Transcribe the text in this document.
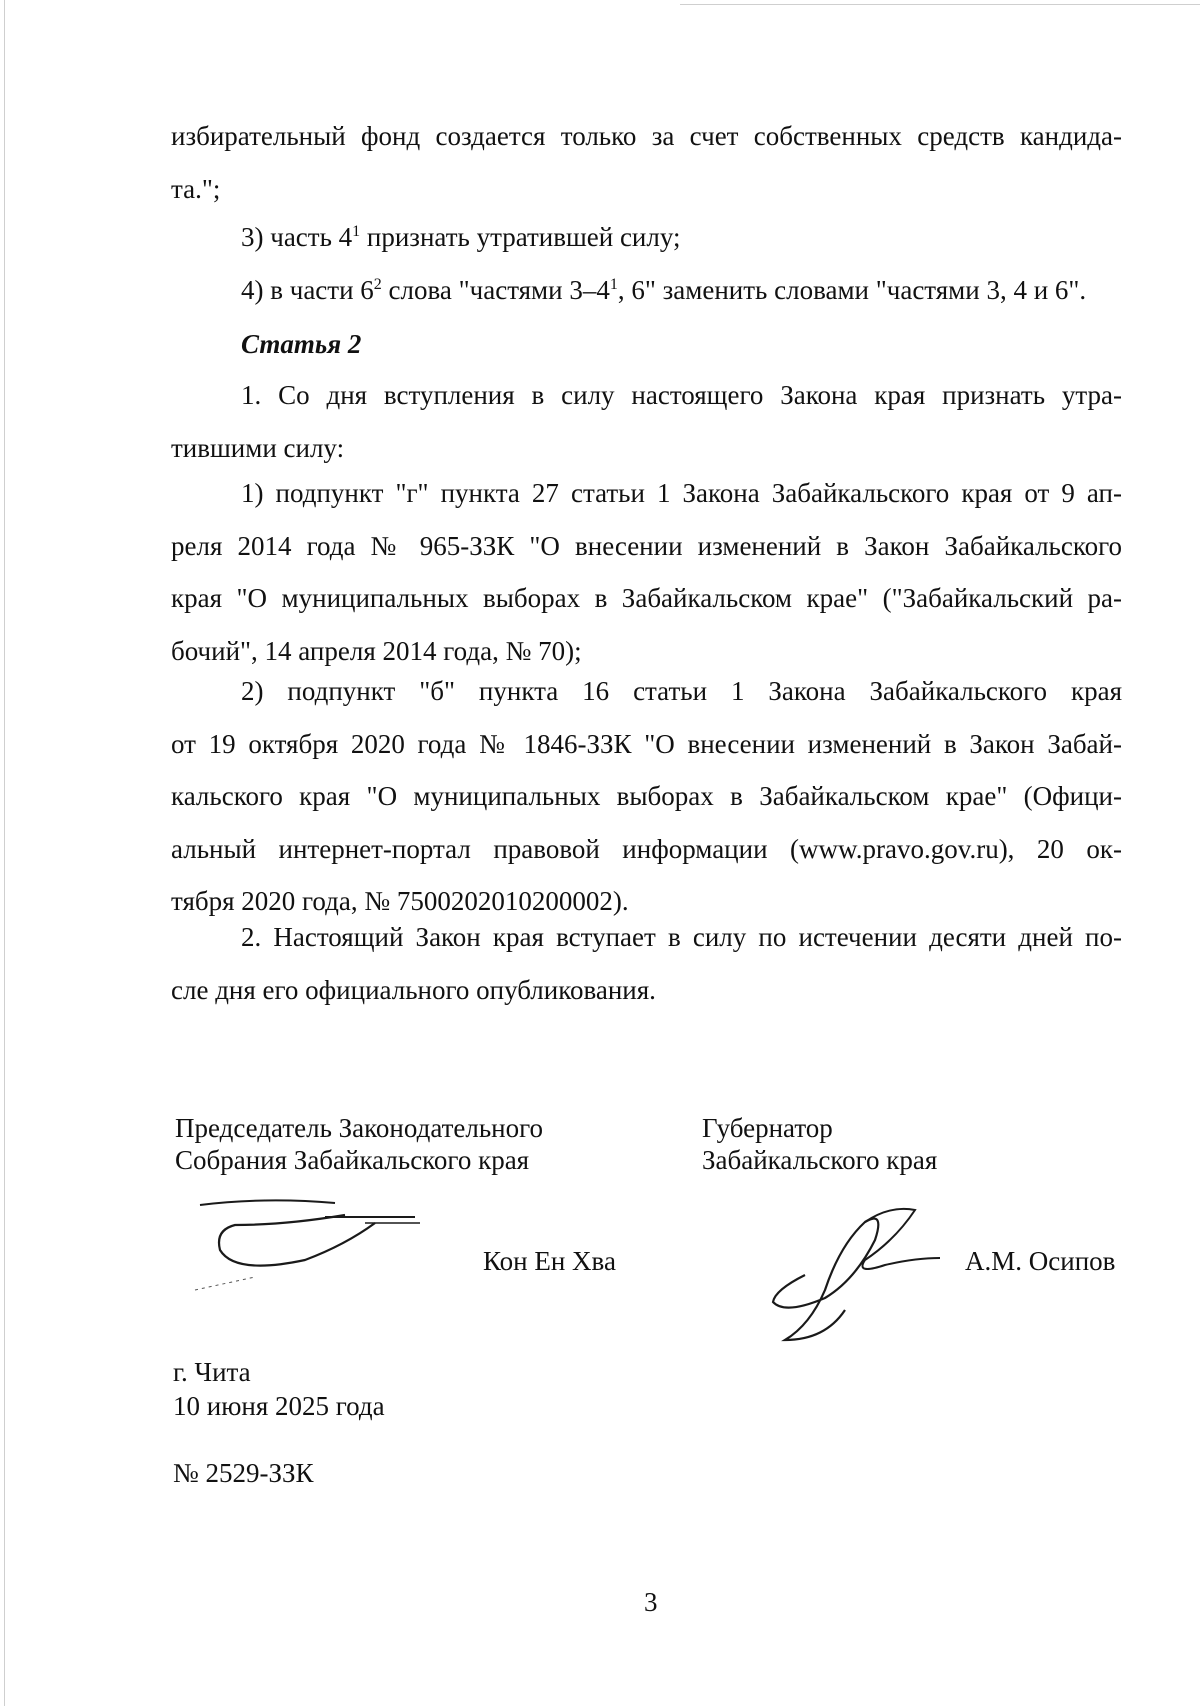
избирательный фонд создается только за счет собственных средств кандида-
та.";
3) часть $4^1$ признать утратившей силу;
4) в части $6^2$ слова "частями $3-4^1$, 6" заменить словами "частями 3, 4 и 6".
Статья 2
1. Со дня вступления в силу настоящего Закона края признать утра-
тившими силу:
1) подпункт "г" пункта 27 статьи 1 Закона Забайкальского края от 9 ап-
реля 2014 года № 965-ЗЗК "О внесении изменений в Закон Забайкальского
края "О муниципальных выборах в Забайкальском крае" ("Забайкальский ра-
бочий", 14 апреля 2014 года, № 70);
2) подпункт "б" пункта 16 статьи 1 Закона Забайкальского края
от 19 октября 2020 года № 1846-ЗЗК "О внесении изменений в Закон Забай-
кальского края "О муниципальных выборах в Забайкальском крае" (Офици-
альный интернет-портал правовой информации (www.pravo.gov.ru), 20 ок-
тября 2020 года, № 7500202010200002).
2. Настоящий Закон края вступает в силу по истечении десяти дней по-
сле дня его официального опубликования.
Председатель Законодательного
Собрания Забайкальского края
Кон Ен Хва
Губернатор
Забайкальского края
А.М. Осипов
г. Чита
10 июня 2025 года
№ 2529-ЗЗК
3
